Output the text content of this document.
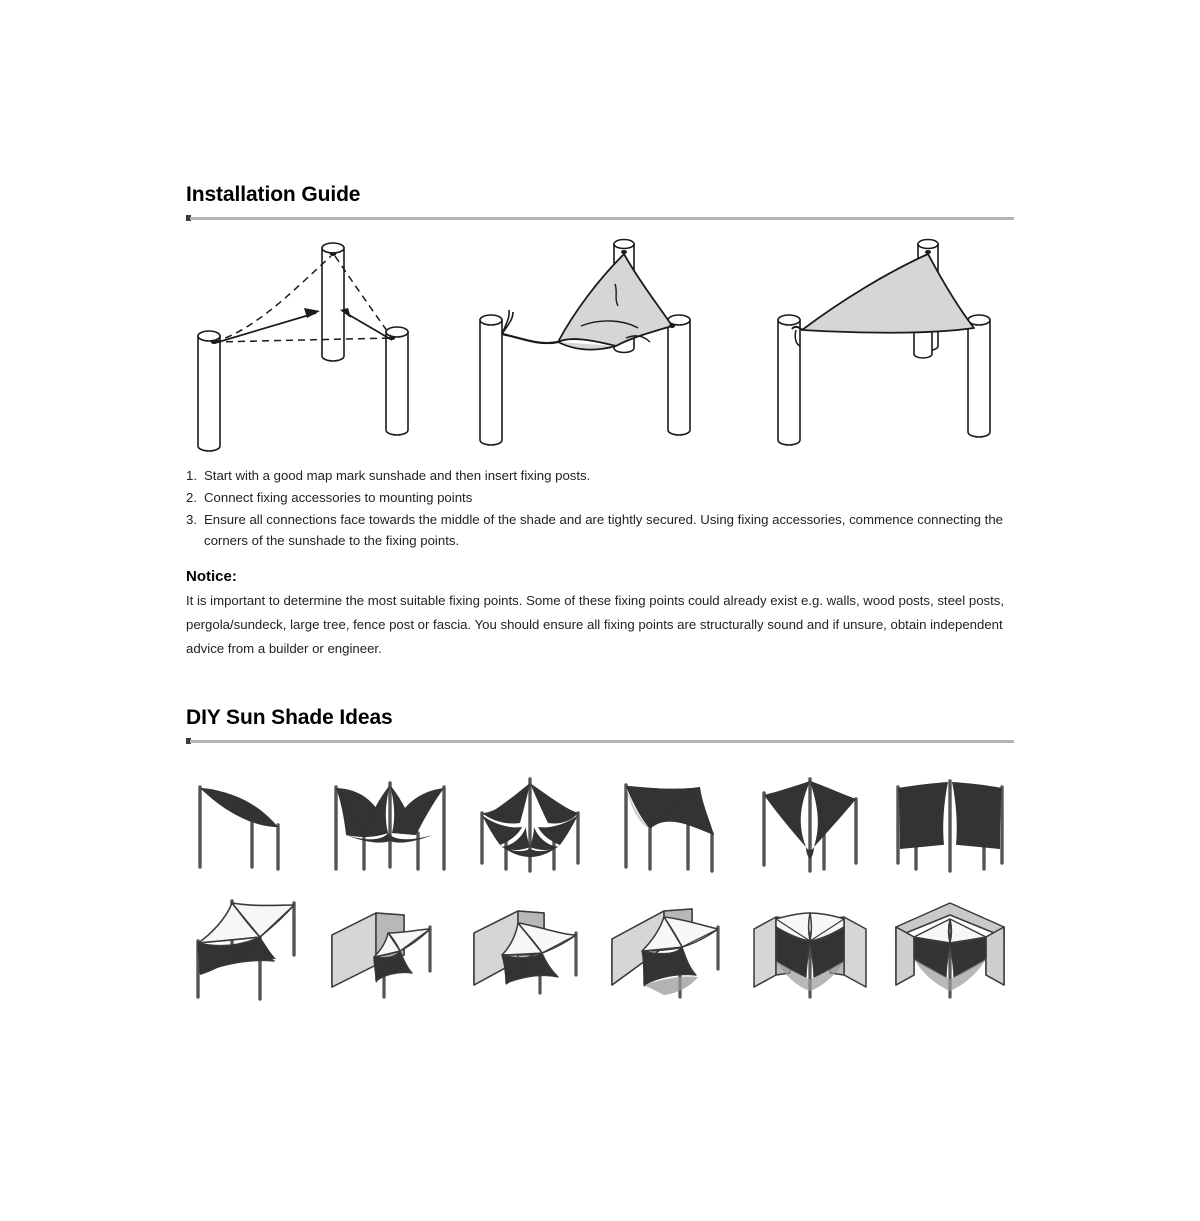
Installation Guide
1. Start with a good map mark sunshade and then insert fixing posts.
2. Connect fixing accessories to mounting points
3. Ensure all connections face towards the middle of the shade and are tightly secured. Using fixing accessories, commence connecting the corners of the sunshade to the fixing points.
Notice:

It is important to determine the most suitable fixing points. Some of these fixing points could already exist e.g. walls, wood posts, steel posts, pergola/sundeck, large tree, fence post or fascia. You should ensure all fixing points are structurally sound and if unsure, obtain independent advice from a builder or engineer.

DIY Sun Shade Ideas
